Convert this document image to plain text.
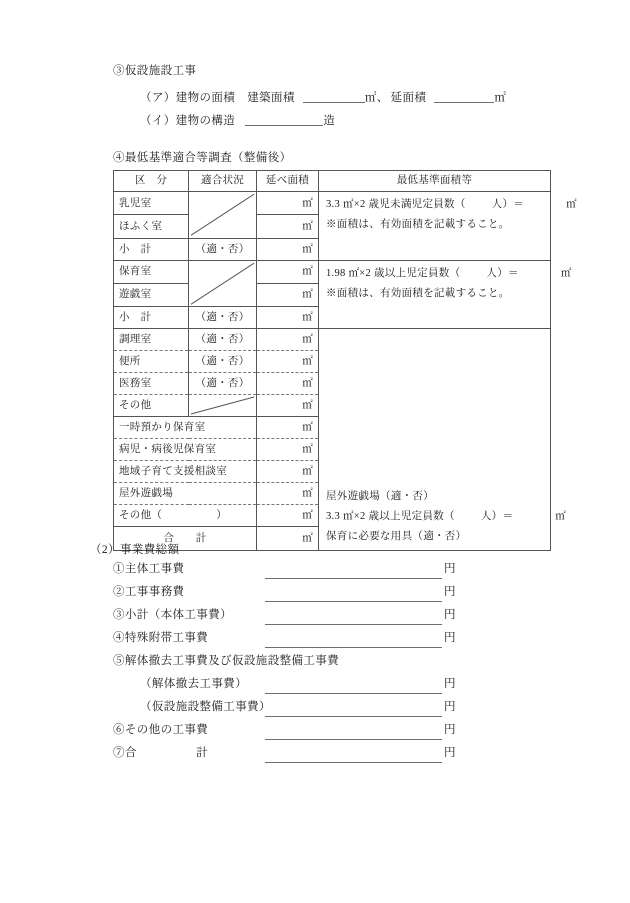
③仮設施設工事
（ア）建物の面積 建築面積	㎡、 延面積	㎡
（イ）建物の構造	造
④最低基準適合等調査（整備後）
区　分	適合状況	延べ面積	最低基準面積等

乳児室		㎡	3.3 ㎡×2 歳児未満児定員数（ 人）＝ ㎡
※面積は、有効面積を記載すること。

ほふく室		㎡	

小　計	（適・否）	㎡	

保育室		㎡	1.98 ㎡×2 歳以上児定員数（ 人）＝ ㎡
※面積は、有効面積を記載すること。

遊戯室		㎡	

小　計	（適・否）	㎡	

調理室	（適・否）	㎡	屋外遊戯場（適・否）
3.3 ㎡×2 歳以上児定員数（ 人）＝ ㎡

便所	（適・否）	㎡	

医務室	（適・否）	㎡	

その他		㎡	

一時預かり保育室		㎡	

病児・病後児保育室		㎡	

地域子育て支援相談室		㎡	

屋外遊戯場		㎡	

その他（　　　　　）		㎡	

合　　計		㎡	保育に必要な用具（適・否）
（2）事業費総額
①主体工事費	円
②工事事務費	円
③小計（本体工事費）	円
④特殊附帯工事費	円
⑤解体撤去工事費及び仮設施設整備工事費
（解体撤去工事費）	円
（仮設施設整備工事費）	円
⑥その他の工事費	円
⑦合　　　　　計	円
